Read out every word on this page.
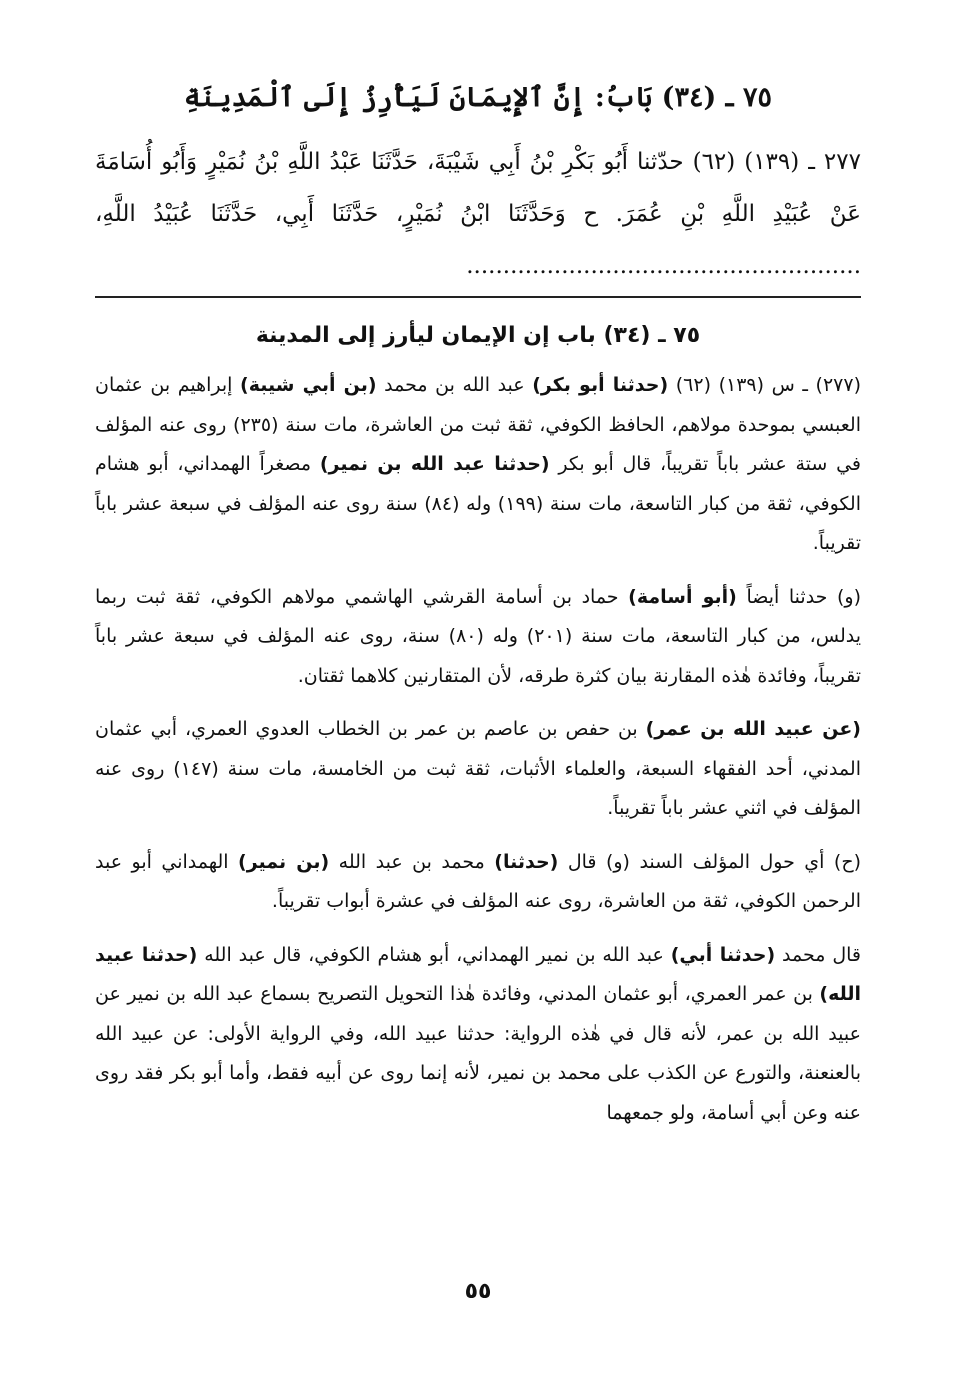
٧٥ ـ (٣٤) بَابُ: إِنَّ ٱلإِيمَانَ لَيَأْرِزُ إِلَى ٱلْمَدِينَةِ

٢٧٧ ـ (١٣٩) (٦٢) حدّثنا أَبُو بَكْرِ بْنُ أَبِي شَيْبَةَ، حَدَّثَنَا عَبْدُ اللَّهِ بْنُ نُمَيْرٍ وَأَبُو أُسَامَةَ عَنْ عُبَيْدِ اللَّهِ بْنِ عُمَرَ. ح وَحَدَّثَنَا ابْنُ نُمَيْرٍ، حَدَّثَنَا أَبِي، حَدَّثَنَا عُبَيْدُ اللَّهِ، ......................................................

٧٥ ـ (٣٤) باب إن الإيمان ليأرز إلى المدينة

(٢٧٧) ـ س (١٣٩) (٦٢) (حدثنا أبو بكر) عبد الله بن محمد (بن أبي شيبة) إبراهيم بن عثمان العبسي بموحدة مولاهم، الحافظ الكوفي، ثقة ثبت من العاشرة، مات سنة (٢٣٥) روى عنه المؤلف في ستة عشر باباً تقريباً، قال أبو بكر (حدثنا عبد الله بن نمير) مصغراً الهمداني، أبو هشام الكوفي، ثقة من كبار التاسعة، مات سنة (١٩٩) وله (٨٤) سنة روى عنه المؤلف في سبعة عشر باباً تقريباً.

(و) حدثنا أيضاً (أبو أسامة) حماد بن أسامة القرشي الهاشمي مولاهم الكوفي، ثقة ثبت ربما يدلس، من كبار التاسعة، مات سنة (٢٠١) وله (٨٠) سنة، روى عنه المؤلف في سبعة عشر باباً تقريباً، وفائدة هٰذه المقارنة بيان كثرة طرقه، لأن المتقارنين كلاهما ثقتان.

(عن عبيد الله بن عمر) بن حفص بن عاصم بن عمر بن الخطاب العدوي العمري، أبي عثمان المدني، أحد الفقهاء السبعة، والعلماء الأثبات، ثقة ثبت من الخامسة، مات سنة (١٤٧) روى عنه المؤلف في اثني عشر باباً تقريباً.

(ح) أي حول المؤلف السند (و) قال (حدثنا) محمد بن عبد الله (بن نمير) الهمداني أبو عبد الرحمن الكوفي، ثقة من العاشرة، روى عنه المؤلف في عشرة أبواب تقريباً.

قال محمد (حدثنا أبي) عبد الله بن نمير الهمداني، أبو هشام الكوفي، قال عبد الله (حدثنا عبيد الله) بن عمر العمري، أبو عثمان المدني، وفائدة هٰذا التحويل التصريح بسماع عبد الله بن نمير عن عبيد الله بن عمر، لأنه قال في هٰذه الرواية: حدثنا عبيد الله، وفي الرواية الأولى: عن عبيد الله بالعنعنة، والتورع عن الكذب على محمد بن نمير، لأنه إنما روى عن أبيه فقط، وأما أبو بكر فقد روى عنه وعن أبي أسامة، ولو جمعهما

٥٥
